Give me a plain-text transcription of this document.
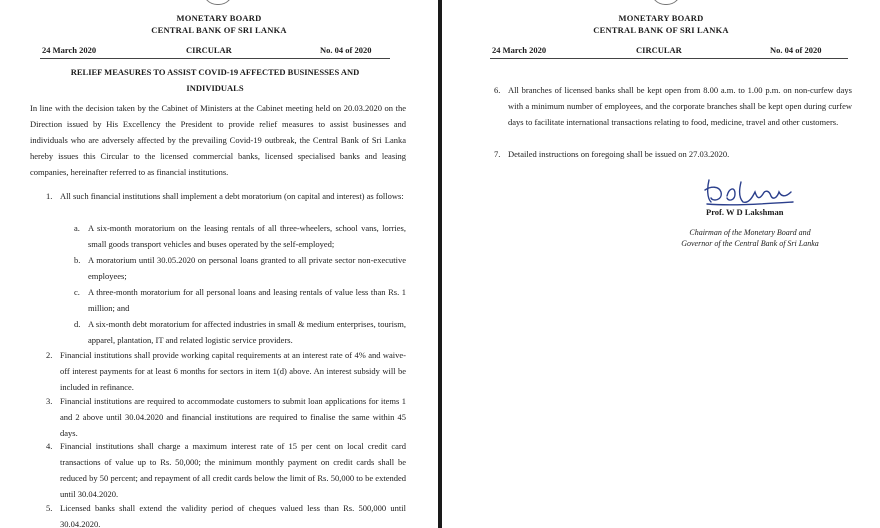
MONETARY BOARD
CENTRAL BANK OF SRI LANKA
24 March 2020	CIRCULAR	No. 04 of 2020
RELIEF MEASURES TO ASSIST COVID-19 AFFECTED BUSINESSES AND
INDIVIDUALS

In line with the decision taken by the Cabinet of Ministers at the Cabinet meeting held on 20.03.2020 on the Direction issued by His Excellency the President to provide relief measures to assist businesses and individuals who are adversely affected by the prevailing Covid-19 outbreak, the Central Bank of Sri Lanka hereby issues this Circular to the licensed commercial banks, licensed specialised banks and leasing companies, hereinafter referred to as financial institutions.

1. All such financial institutions shall implement a debt moratorium (on capital and interest) as follows:

a. A six-month moratorium on the leasing rentals of all three-wheelers, school vans, lorries, small goods transport vehicles and buses operated by the self-employed;

b. A moratorium until 30.05.2020 on personal loans granted to all private sector non-executive employees;

c. A three-month moratorium for all personal loans and leasing rentals of value less than Rs. 1 million; and

d. A six-month debt moratorium for affected industries in small & medium enterprises, tourism, apparel, plantation, IT and related logistic service providers.

2. Financial institutions shall provide working capital requirements at an interest rate of 4% and waive-off interest payments for at least 6 months for sectors in item 1(d) above. An interest subsidy will be included in refinance.

3. Financial institutions are required to accommodate customers to submit loan applications for items 1 and 2 above until 30.04.2020 and financial institutions are required to finalise the same within 45 days.

4. Financial institutions shall charge a maximum interest rate of 15 per cent on local credit card transactions of value up to Rs. 50,000; the minimum monthly payment on credit cards shall be reduced by 50 percent; and repayment of all credit cards below the limit of Rs. 50,000 to be extended until 30.04.2020.

5. Licensed banks shall extend the validity period of cheques valued less than Rs. 500,000 until 30.04.2020.

MONETARY BOARD
CENTRAL BANK OF SRI LANKA
24 March 2020	CIRCULAR	No. 04 of 2020
6. All branches of licensed banks shall be kept open from 8.00 a.m. to 1.00 p.m. on non-curfew days with a minimum number of employees, and the corporate branches shall be kept open during curfew days to facilitate international transactions relating to food, medicine, travel and other customers.

7. Detailed instructions on foregoing shall be issued on 27.03.2020.

Prof. W D Lakshman
Chairman of the Monetary Board and
Governor of the Central Bank of Sri Lanka
